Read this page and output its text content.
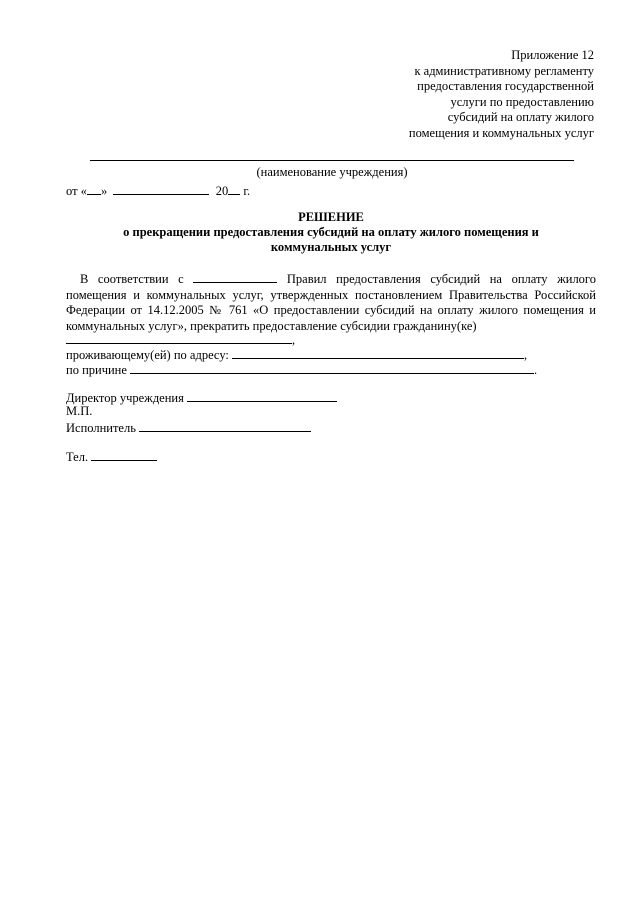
Приложение 12
к административному регламенту
предоставления государственной
услуги по предоставлению
субсидий на оплату жилого
помещения и коммунальных услуг
(наименование учреждения)
от « »	20 г.
РЕШЕНИЕ
о прекращении предоставления субсидий на оплату жилого помещения и
коммунальных услуг
В соответствии с	Правил предоставления субсидий на оплату жилого помещения и коммунальных услуг, утвержденных постановлением Правительства Российской Федерации от 14.12.2005 № 761 «О предоставлении субсидий на оплату жилого помещения и коммунальных услуг», прекратить предоставление субсидии гражданину(ке)
,
проживающему(ей) по адресу:	,
по причине	.
Директор учреждения
М.П.
Исполнитель
Тел.
